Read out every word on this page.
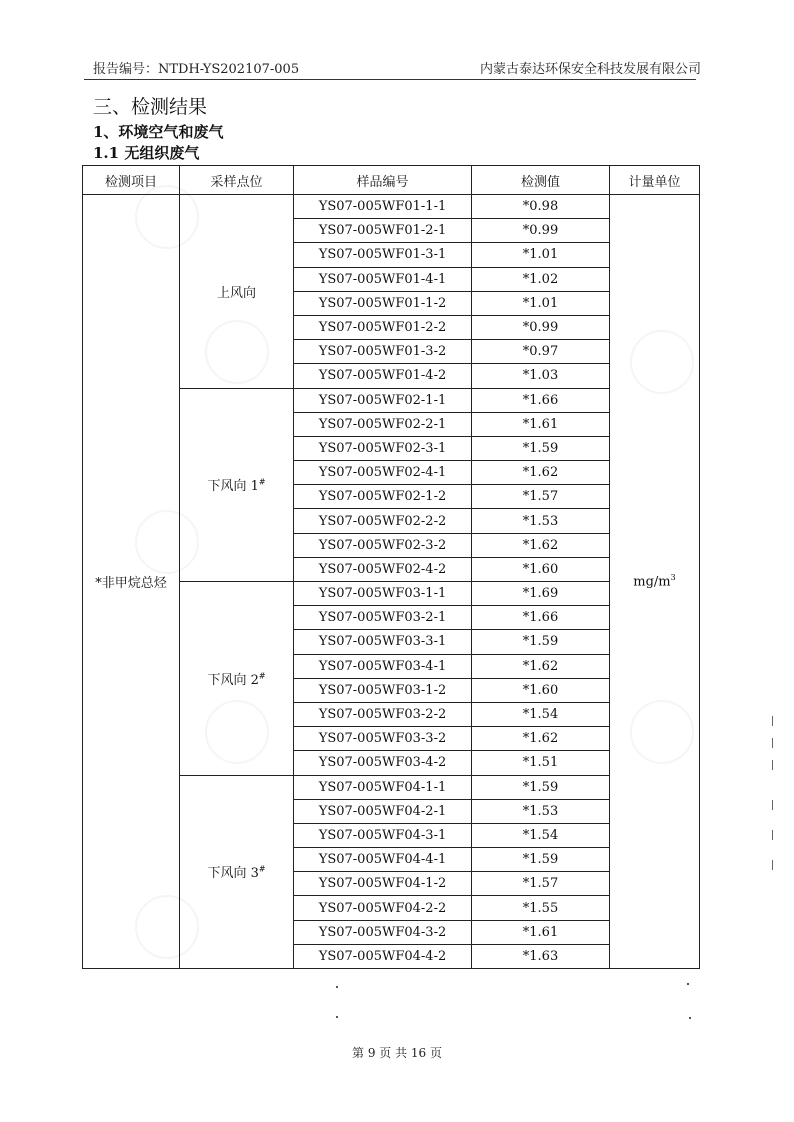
报告编号：NTDH-YS202107-005	内蒙古泰达环保安全科技发展有限公司
三、检测结果
1、环境空气和废气
1.1 无组织废气
检测项目	采样点位	样品编号	检测值	计量单位
*非甲烷总烃	上风向	YS07-005WF01-1-1	*0.98	$mg/m^3$
		YS07-005WF01-2-1	*0.99	
		YS07-005WF01-3-1	*1.01	
		YS07-005WF01-4-1	*1.02	
		YS07-005WF01-1-2	*1.01	
		YS07-005WF01-2-2	*0.99	
		YS07-005WF01-3-2	*0.97	
		YS07-005WF01-4-2	*1.03	
	下风向 1#	YS07-005WF02-1-1	*1.66	
		YS07-005WF02-2-1	*1.61	
		YS07-005WF02-3-1	*1.59	
		YS07-005WF02-4-1	*1.62	
		YS07-005WF02-1-2	*1.57	
		YS07-005WF02-2-2	*1.53	
		YS07-005WF02-3-2	*1.62	
		YS07-005WF02-4-2	*1.60	
	下风向 2#	YS07-005WF03-1-1	*1.69	
		YS07-005WF03-2-1	*1.66	
		YS07-005WF03-3-1	*1.59	
		YS07-005WF03-4-1	*1.62	
		YS07-005WF03-1-2	*1.60	
		YS07-005WF03-2-2	*1.54	
		YS07-005WF03-3-2	*1.62	
		YS07-005WF03-4-2	*1.51	
	下风向 3#	YS07-005WF04-1-1	*1.59	
		YS07-005WF04-2-1	*1.53	
		YS07-005WF04-3-1	*1.54	
		YS07-005WF04-4-1	*1.59	
		YS07-005WF04-1-2	*1.57	
		YS07-005WF04-2-2	*1.55	
		YS07-005WF04-3-2	*1.61	
		YS07-005WF04-4-2	*1.63	
第 9 页 共 16 页
